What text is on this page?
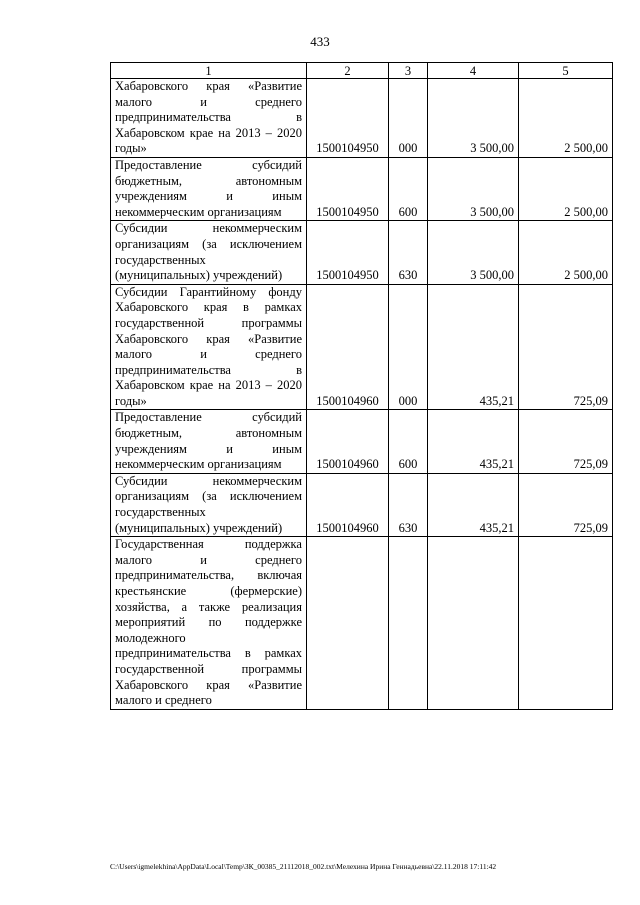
433
1	2	3	4	5
Хабаровского края «Развитие малого и среднего предпринимательства в Хабаровском крае на 2013 – 2020 годы»	1500104950	000	3 500,00	2 500,00
Предоставление субсидий бюджетным, автономным учреждениям и иным некоммерческим организациям	1500104950	600	3 500,00	2 500,00
Субсидии некоммерческим организациям (за исключением государственных (муниципальных) учреждений)	1500104950	630	3 500,00	2 500,00
Субсидии Гарантийному фонду Хабаровского края в рамках государственной программы Хабаровского края «Развитие малого и среднего предпринимательства в Хабаровском крае на 2013 – 2020 годы»	1500104960	000	435,21	725,09
Предоставление субсидий бюджетным, автономным учреждениям и иным некоммерческим организациям	1500104960	600	435,21	725,09
Субсидии некоммерческим организациям (за исключением государственных (муниципальных) учреждений)	1500104960	630	435,21	725,09
Государственная поддержка малого и среднего предпринимательства, включая крестьянские (фермерские) хозяйства, а также реализация мероприятий по поддержке молодежного предпринимательства в рамках государственной программы Хабаровского края «Развитие малого и среднего				
C:\Users\igmelekhina\AppData\Local\Temp\ЗК_00385_21112018_002.txt\Мелехина Ирина Геннадьевна\22.11.2018 17:11:42
